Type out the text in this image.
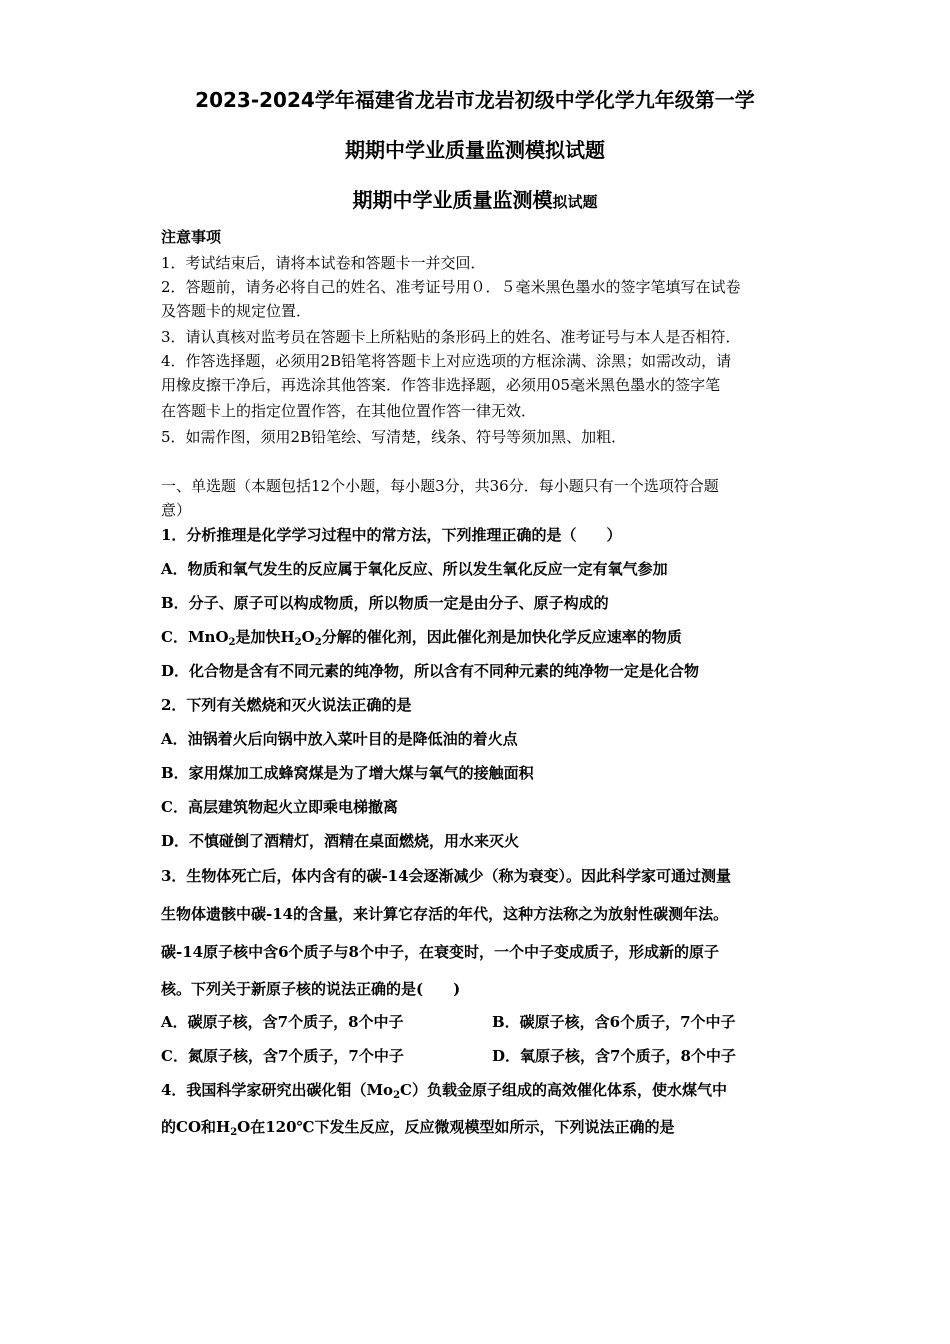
2023-2024学年福建省龙岩市龙岩初级中学化学九年级第一学
期期中学业质量监测模拟试题
期期中学业质量监测模拟试题
注意事项
1．考试结束后，请将本试卷和答题卡一并交回．
2．答题前，请务必将自己的姓名、准考证号用０．５毫米黑色墨水的签字笔填写在试卷
及答题卡的规定位置．
3．请认真核对监考员在答题卡上所粘贴的条形码上的姓名、准考证号与本人是否相符．
4．作答选择题，必须用2B铅笔将答题卡上对应选项的方框涂满、涂黑；如需改动，请
用橡皮擦干净后，再选涂其他答案．作答非选择题，必须用05毫米黑色墨水的签字笔
在答题卡上的指定位置作答，在其他位置作答一律无效．
5．如需作图，须用2B铅笔绘、写清楚，线条、符号等须加黑、加粗．
一、单选题（本题包括12个小题，每小题3分，共36分．每小题只有一个选项符合题
意）
1．分析推理是化学学习过程中的常方法，下列推理正确的是（　　）
A．物质和氧气发生的反应属于氧化反应、所以发生氧化反应一定有氧气参加
B．分子、原子可以构成物质，所以物质一定是由分子、原子构成的
C．MnO$_2$是加快$H_2O_2$分解的催化剂，因此催化剂是加快化学反应速率的物质
D．化合物是含有不同元素的纯净物，所以含有不同种元素的纯净物一定是化合物
2．下列有关燃烧和灭火说法正确的是
A．油锅着火后向锅中放入菜叶目的是降低油的着火点
B．家用煤加工成蜂窝煤是为了增大煤与氧气的接触面积
C．高层建筑物起火立即乘电梯撤离
D．不慎碰倒了酒精灯，酒精在桌面燃烧，用水来灭火
3．生物体死亡后，体内含有的碳-14会逐渐减少（称为衰变）。因此科学家可通过测量
生物体遗骸中碳-14的含量，来计算它存活的年代，这种方法称之为放射性碳测年法。
碳-14原子核中含6个质子与8个中子，在衰变时，一个中子变成质子，形成新的原子
核。下列关于新原子核的说法正确的是(　　)
A．碳原子核，含7个质子，8个中子	B．碳原子核，含6个质子，7个中子
C．氮原子核，含7个质子，7个中子	D．氧原子核，含7个质子，8个中子
4．我国科学家研究出碳化钼$(Mo_2C)$负载金原子组成的高效催化体系，使水煤气中
的CO和$H_2O$在120℃下发生反应，反应微观模型如所示，下列说法正确的是
